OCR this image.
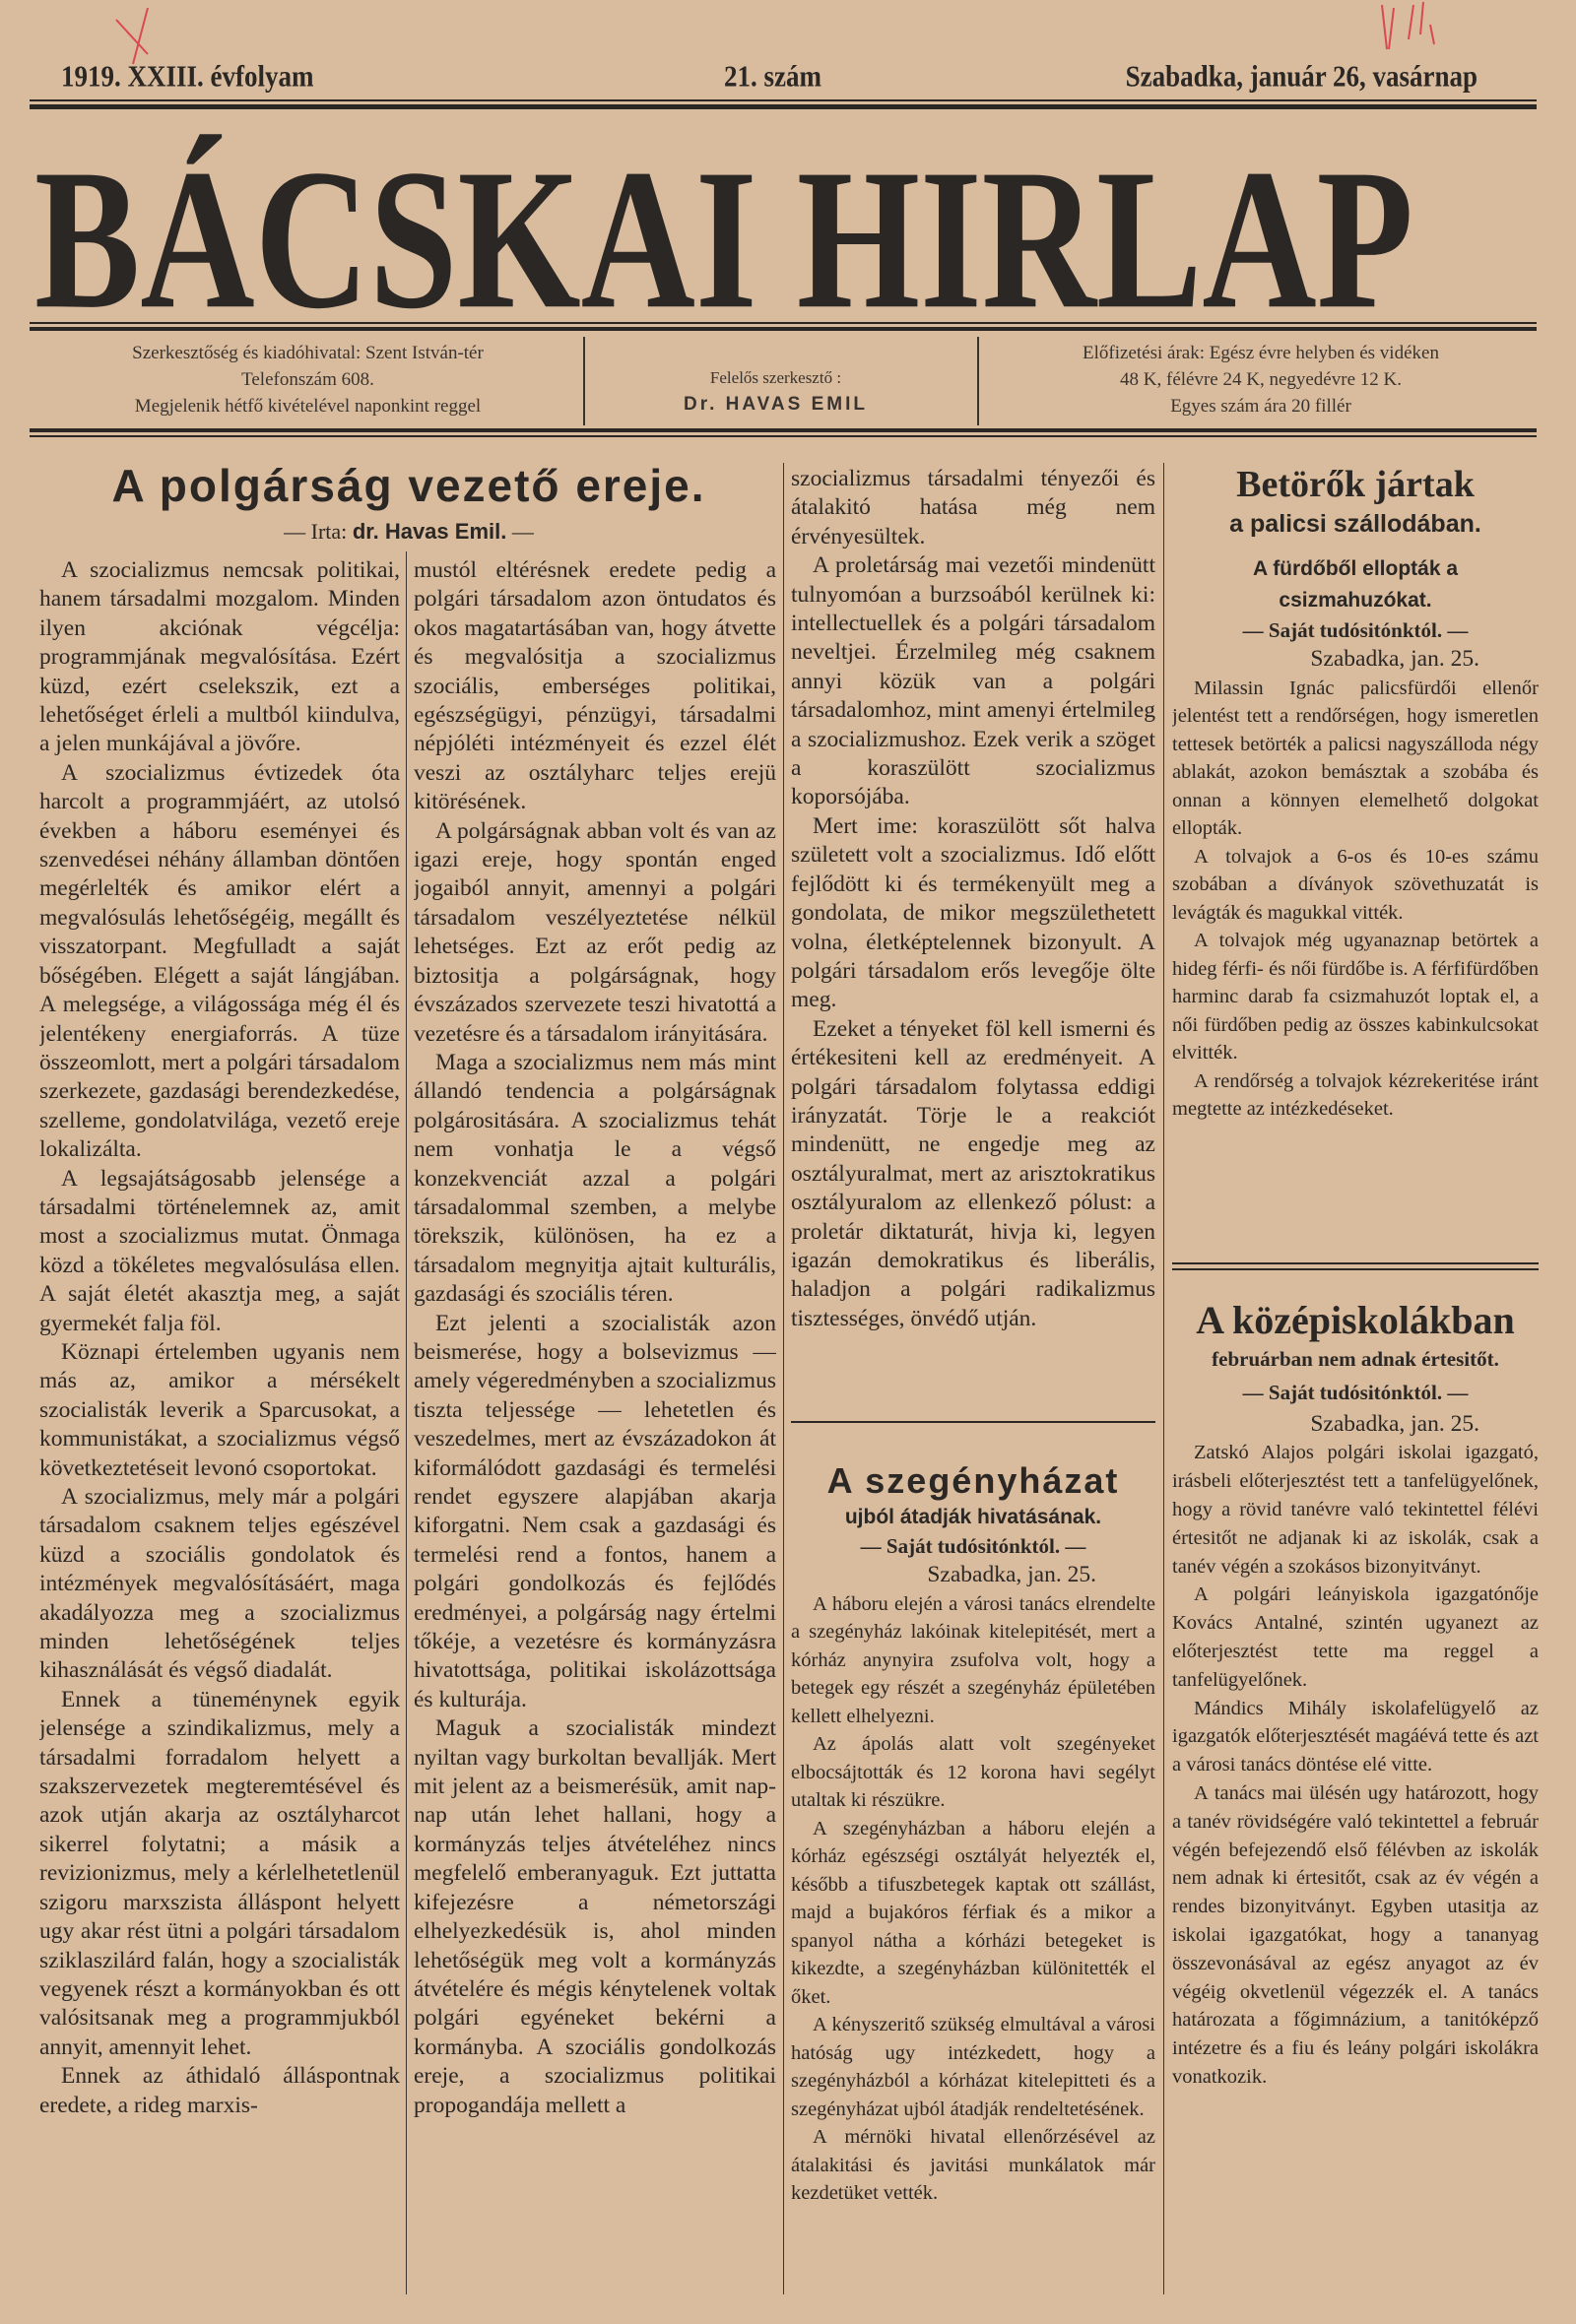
1919. XXIII. évfolyam	21. szám	Szabadka, január 26, vasárnap
BÁCSKAI HIRLAP
Szerkesztőség és kiadóhivatal: Szent István-tér
Telefonszám 608.
Megjelenik hétfő kivételével naponkint reggel
Felelős szerkesztő :
Dr. HAVAS EMIL
Előfizetési árak: Egész évre helyben és vidéken
48 K, félévre 24 K, negyedévre 12 K.
Egyes szám ára 20 fillér
A polgárság vezető ereje.
— Irta: dr. Havas Emil. —

A szocializmus nemcsak politikai, hanem társadalmi mozgalom. Minden ilyen akciónak végcélja: programmjának megvalósítása. Ezért küzd, ezért cselekszik, ezt a lehetőséget érleli a multból kiindulva, a jelen munkájával a jövőre.

A szocializmus évtizedek óta harcolt a programmjáért, az utolsó években a háboru eseményei és szenvedései néhány államban döntően megérlelték és amikor elért a megvalósulás lehetőségéig, megállt és visszatorpant. Megfulladt a saját bőségében. Elégett a saját lángjában. A melegsége, a világossága még él és jelentékeny energiaforrás. A tüze összeomlott, mert a polgári társadalom szerkezete, gazdasági berendezkedése, szelleme, gondolatvilága, vezető ereje lokalizálta.

A legsajátságosabb jelensége a társadalmi történelemnek az, amit most a szocializmus mutat. Önmaga közd a tökéletes megvalósulása ellen. A saját életét akasztja meg, a saját gyermekét falja föl.

Köznapi értelemben ugyanis nem más az, amikor a mérsékelt szocialisták leverik a Sparcusokat, a kommunistákat, a szocializmus végső következtetéseit levonó csoportokat.

A szocializmus, mely már a polgári társadalom csaknem teljes egészével küzd a szociális gondolatok és intézmények megvalósításáért, maga akadályozza meg a szocializmus minden lehetőségének teljes kihasználását és végső diadalát.

Ennek a tüneménynek egyik jelensége a szindikalizmus, mely a társadalmi forradalom helyett a szakszervezetek megteremtésével és azok utján akarja az osztályharcot sikerrel folytatni; a másik a revizionizmus, mely a kérlelhetetlenül szigoru marxszista álláspont helyett ugy akar rést ütni a polgári társadalom sziklaszilárd falán, hogy a szocialisták vegyenek részt a kormányokban és ott valósitsanak meg a programmjukból annyit, amennyit lehet.

Ennek az áthidaló álláspontnak eredete, a rideg marxis-

mustól eltérésnek eredete pedig a polgári társadalom azon öntudatos és okos magatartásában van, hogy átvette és megvalósitja a szocializmus szociális, emberséges politikai, egészségügyi, pénzügyi, társadalmi népjóléti intézményeit és ezzel élét veszi az osztályharc teljes erejü kitörésének.

A polgárságnak abban volt és van az igazi ereje, hogy spontán enged jogaiból annyit, amennyi a polgári társadalom veszélyeztetése nélkül lehetséges. Ezt az erőt pedig az biztositja a polgárságnak, hogy évszázados szervezete teszi hivatottá a vezetésre és a társadalom irányitására.

Maga a szocializmus nem más mint állandó tendencia a polgárságnak polgárositására. A szocializmus tehát nem vonhatja le a végső konzekvenciát azzal a polgári társadalommal szemben, a melybe törekszik, különösen, ha ez a társadalom megnyitja ajtait kulturális, gazdasági és szociális téren.

Ezt jelenti a szocialisták azon beismerése, hogy a bolsevizmus — amely végeredményben a szocializmus tiszta teljessége — lehetetlen és veszedelmes, mert az évszázadokon át kiformálódott gazdasági és termelési rendet egyszere alapjában akarja kiforgatni. Nem csak a gazdasági és termelési rend a fontos, hanem a polgári gondolkozás és fejlődés eredményei, a polgárság nagy értelmi tőkéje, a vezetésre és kormányzásra hivatottsága, politikai iskolázottsága és kulturája.

Maguk a szocialisták mindezt nyiltan vagy burkoltan bevallják. Mert mit jelent az a beismerésük, amit nap-nap után lehet hallani, hogy a kormányzás teljes átvételéhez nincs megfelelő emberanyaguk. Ezt juttatta kifejezésre a németországi elhelyezkedésük is, ahol minden lehetőségük meg volt a kormányzás átvételére és mégis kénytelenek voltak polgári egyéneket bekérni a kormányba. A szociális gondolkozás ereje, a szocializmus politikai propogandája mellett a

szocializmus társadalmi tényezői és átalakitó hatása még nem érvényesültek.

A proletárság mai vezetői mindenütt tulnyomóan a burzsoából kerülnek ki: intellectuellek és a polgári társadalom neveltjei. Érzelmileg még csaknem annyi közük van a polgári társadalomhoz, mint amenyi értelmileg a szocializmushoz. Ezek verik a szöget a koraszülött szocializmus koporsójába.

Mert ime: koraszülött sőt halva született volt a szocializmus. Idő előtt fejlődött ki és termékenyült meg a gondolata, de mikor megszülethetett volna, életképtelennek bizonyult. A polgári társadalom erős levegője ölte meg.

Ezeket a tényeket föl kell ismerni és értékesiteni kell az eredményeit. A polgári társadalom folytassa eddigi irányzatát. Törje le a reakciót mindenütt, ne engedje meg az osztályuralmat, mert az arisztokratikus osztályuralom az ellenkező pólust: a proletár diktaturát, hivja ki, legyen igazán demokratikus és liberális, haladjon a polgári radikalizmus tisztességes, önvédő utján.

A szegényházat
ujból átadják hivatásának.
— Saját tudósitónktól. —
Szabadka, jan. 25.

A háboru elején a városi tanács elrendelte a szegényház lakóinak kitelepitését, mert a kórház anynyira zsufolva volt, hogy a betegek egy részét a szegényház épületében kellett elhelyezni.

Az ápolás alatt volt szegényeket elbocsájtották és 12 korona havi segélyt utaltak ki részükre.

A szegényházban a háboru elején a kórház egészségi osztályát helyezték el, később a tifuszbetegek kaptak ott szállást, majd a bujakóros férfiak és a mikor a spanyol nátha a kórházi betegeket is kikezdte, a szegényházban különitették el őket.

A kényszeritő szükség elmultával a városi hatóság ugy intézkedett, hogy a szegényházból a kórházat kitelepitteti és a szegényházat ujból átadják rendeltetésének.

A mérnöki hivatal ellenőrzésével az átalakitási és javitási munkálatok már kezdetüket vették.

Betörők jártak
a palicsi szállodában.
A fürdőből ellopták a csizmahuzókat.
— Saját tudósitónktól. —
Szabadka, jan. 25.

Milassin Ignác palicsfürdői ellenőr jelentést tett a rendőrségen, hogy ismeretlen tettesek betörték a palicsi nagyszálloda négy ablakát, azokon bemásztak a szobába és onnan a könnyen elemelhető dolgokat ellopták.

A tolvajok a 6-os és 10-es számu szobában a díványok szövethuzatát is levágták és magukkal vitték.

A tolvajok még ugyanaznap betörtek a hideg férfi- és női fürdőbe is. A férfifürdőben harminc darab fa csizmahuzót loptak el, a női fürdőben pedig az összes kabinkulcsokat elvitték.

A rendőrség a tolvajok kézrekeritése iránt megtette az intézkedéseket.

A középiskolákban
februárban nem adnak értesitőt.
— Saját tudósitónktól. —
Szabadka, jan. 25.

Zatskó Alajos polgári iskolai igazgató, irásbeli előterjesztést tett a tanfelügyelőnek, hogy a rövid tanévre való tekintettel félévi értesitőt ne adjanak ki az iskolák, csak a tanév végén a szokásos bizonyitványt.

A polgári leányiskola igazgatónője Kovács Antalné, szintén ugyanezt az előterjesztést tette ma reggel a tanfelügyelőnek.

Mándics Mihály iskolafelügyelő az igazgatók előterjesztését magáévá tette és azt a városi tanács döntése elé vitte.

A tanács mai ülésén ugy határozott, hogy a tanév rövidségére való tekintettel a február végén befejezendő első félévben az iskolák nem adnak ki értesitőt, csak az év végén a rendes bizonyitványt. Egyben utasitja az iskolai igazgatókat, hogy a tananyag összevonásával az egész anyagot az év végéig okvetlenül végezzék el. A tanács határozata a főgimnázium, a tanitóképző intézetre és a fiu és leány polgári iskolákra vonatkozik.
